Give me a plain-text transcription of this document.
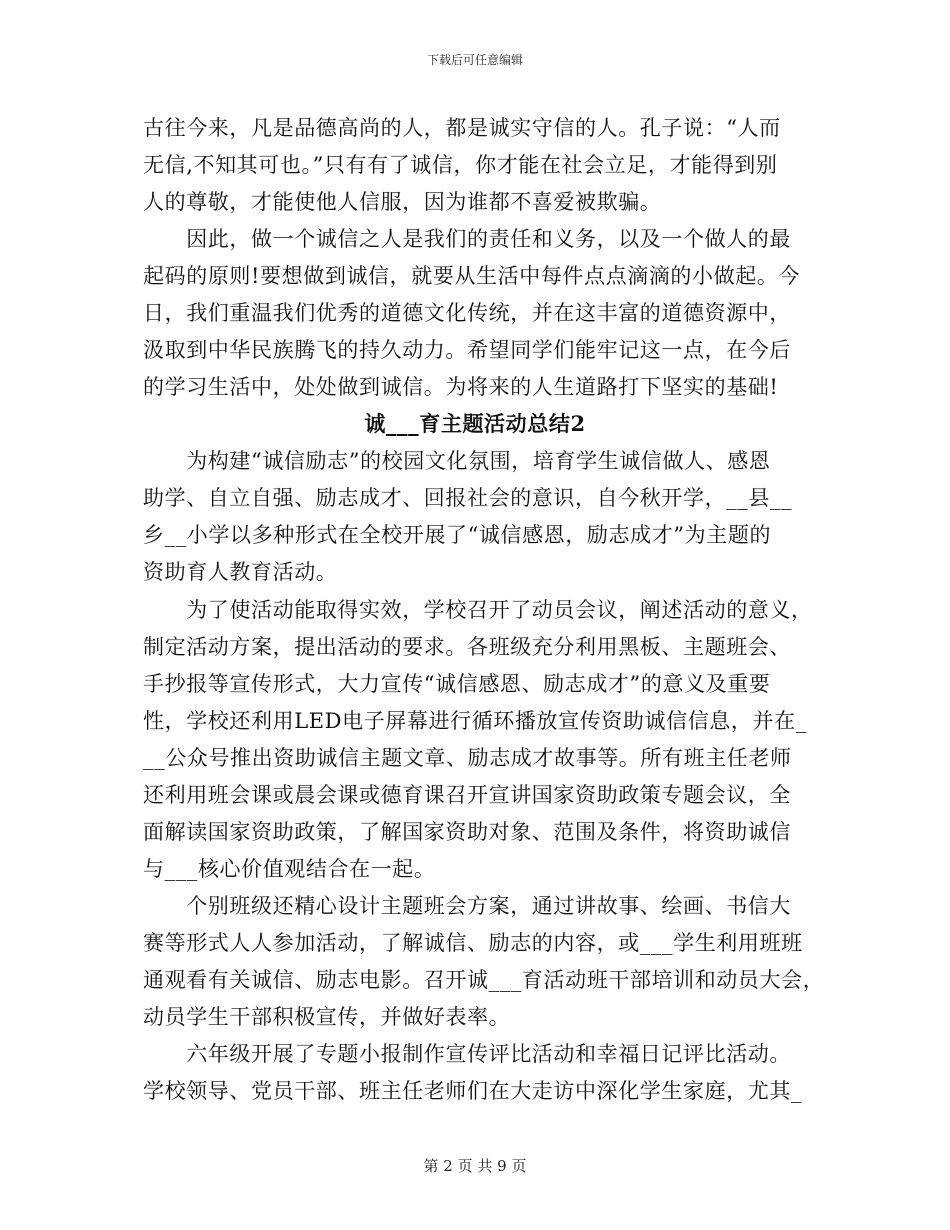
下载后可任意编辑
古往今来，凡是品德高尚的人，都是诚实守信的人。孔子说：“人而
无信,不知其可也。”只有有了诚信，你才能在社会立足，才能得到别
人的尊敬，才能使他人信服，因为谁都不喜爱被欺骗。
　　因此，做一个诚信之人是我们的责任和义务，以及一个做人的最
起码的原则!要想做到诚信，就要从生活中每件点点滴滴的小做起。今
日，我们重温我们优秀的道德文化传统，并在这丰富的道德资源中，
汲取到中华民族腾飞的持久动力。希望同学们能牢记这一点，在今后
的学习生活中，处处做到诚信。为将来的人生道路打下坚实的基础!
诚___育主题活动总结2
　　为构建“诚信励志”的校园文化氛围，培育学生诚信做人、感恩
助学、自立自强、励志成才、回报社会的意识，自今秋开学，__县__
乡__小学以多种形式在全校开展了“诚信感恩，励志成才”为主题的
资助育人教育活动。
　　为了使活动能取得实效，学校召开了动员会议，阐述活动的意义，
制定活动方案，提出活动的要求。各班级充分利用黑板、主题班会、
手抄报等宣传形式，大力宣传“诚信感恩、励志成才”的意义及重要
性，学校还利用LED电子屏幕进行循环播放宣传资助诚信信息，并在_
__公众号推出资助诚信主题文章、励志成才故事等。所有班主任老师
还利用班会课或晨会课或德育课召开宣讲国家资助政策专题会议，全
面解读国家资助政策，了解国家资助对象、范围及条件，将资助诚信
与___核心价值观结合在一起。
　　个别班级还精心设计主题班会方案，通过讲故事、绘画、书信大
赛等形式人人参加活动，了解诚信、励志的内容，或___学生利用班班
通观看有关诚信、励志电影。召开诚___育活动班干部培训和动员大会，
动员学生干部积极宣传，并做好表率。
　　六年级开展了专题小报制作宣传评比活动和幸福日记评比活动。
学校领导、党员干部、班主任老师们在大走访中深化学生家庭，尤其_
第 2 页 共 9 页
